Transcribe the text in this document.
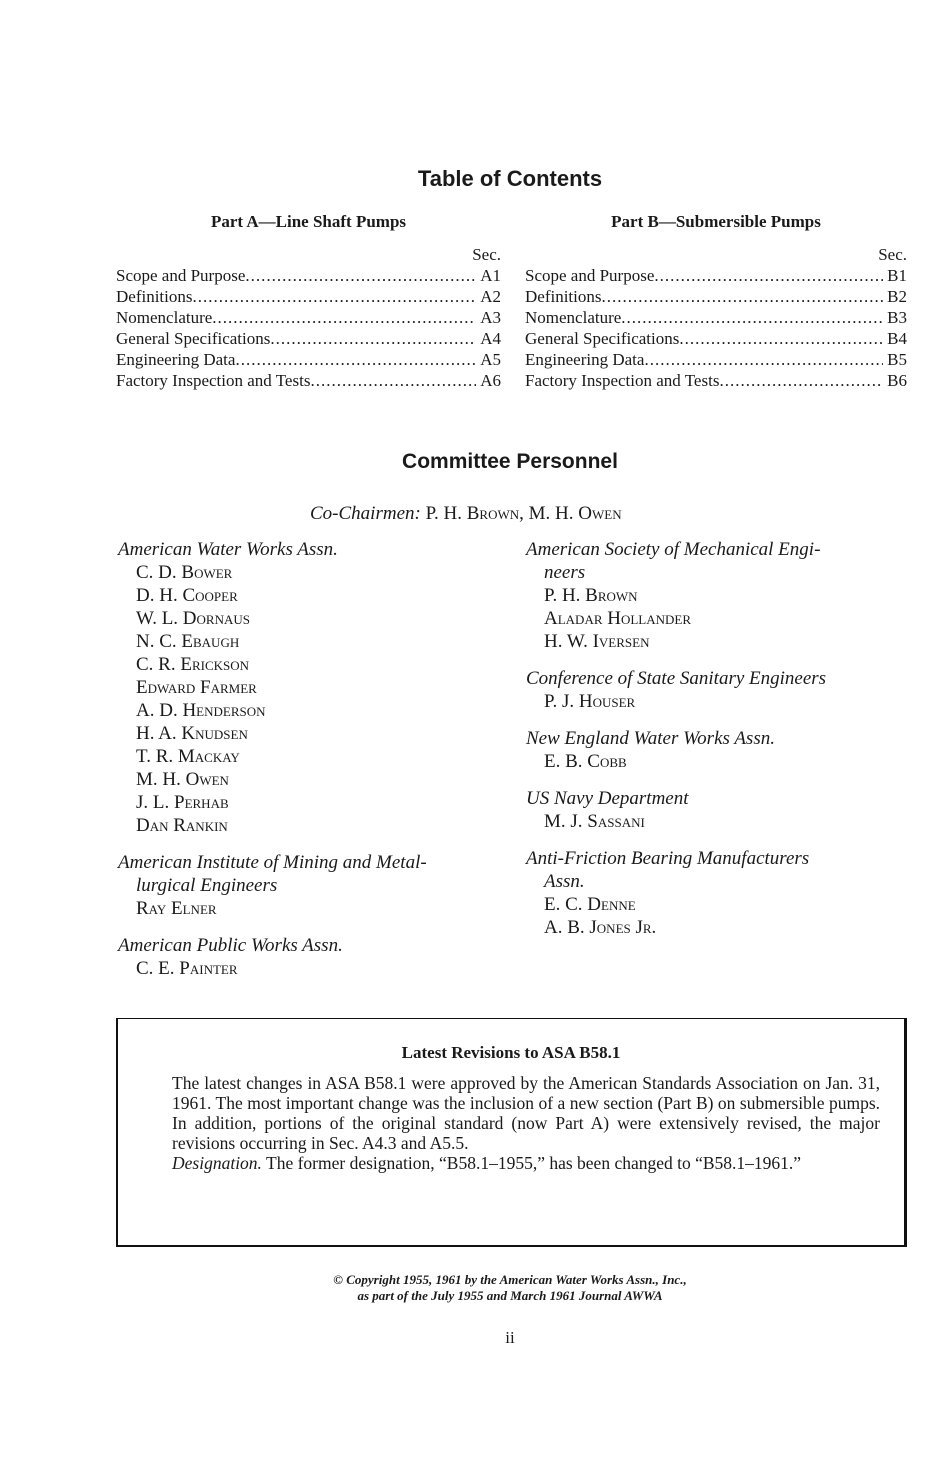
Table of Contents
Part A—Line Shaft Pumps
Sec.
Scope and Purpose .....	A1
Definitions .....	A2
Nomenclature .....	A3
General Specifications .....	A4
Engineering Data .....	A5
Factory Inspection and Tests .....	A6
Part B—Submersible Pumps
Sec.
Scope and Purpose .....	B1
Definitions .....	B2
Nomenclature .....	B3
General Specifications .....	B4
Engineering Data .....	B5
Factory Inspection and Tests .....	B6
Committee Personnel
Co-Chairmen: P. H. Brown, M. H. Owen
American Water Works Assn.
C. D. Bower
D. H. Cooper
W. L. Dornaus
N. C. Ebaugh
C. R. Erickson
Edward Farmer
A. D. Henderson
H. A. Knudsen
T. R. Mackay
M. H. Owen
J. L. Perhab
Dan Rankin
American Institute of Mining and Metal-
lurgical Engineers
Ray Elner
American Public Works Assn.
C. E. Painter
American Society of Mechanical Engi-
neers
P. H. Brown
Aladar Hollander
H. W. Iversen
Conference of State Sanitary Engineers
P. J. Houser
New England Water Works Assn.
E. B. Cobb
US Navy Department
M. J. Sassani
Anti-Friction Bearing Manufacturers
Assn.
E. C. Denne
A. B. Jones Jr.
Latest Revisions to ASA B58.1

The latest changes in ASA B58.1 were approved by the American Standards Association on Jan. 31, 1961. The most important change was the inclusion of a new section (Part B) on submersible pumps. In addition, portions of the original standard (now Part A) were extensively revised, the major revisions occurring in Sec. A4.3 and A5.5.

Designation. The former designation, “B58.1–1955,” has been changed to “B58.1–1961.”

© Copyright 1955, 1961 by the American Water Works Assn., Inc.,
as part of the July 1955 and March 1961 Journal AWWA
ii
